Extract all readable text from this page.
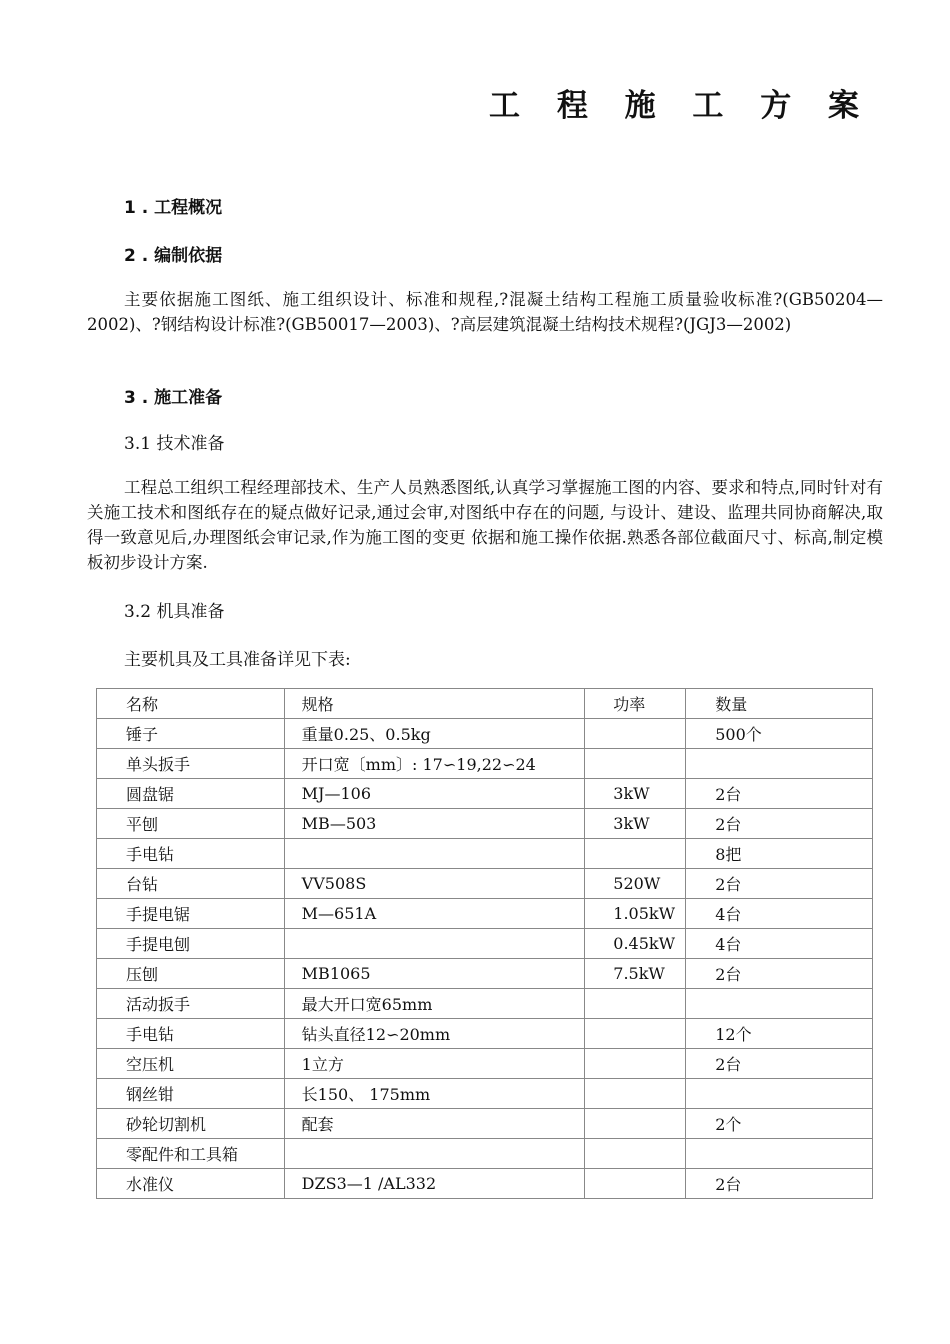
工 程 施 工 方 案
1 . 工程概况
2 . 编制依据
主要依据施工图纸、施工组织设计、标准和规程,?混凝土结构工程施工质量验收标准?(GB50204—2002)、?钢结构设计标准?(GB50017—2003)、?高层建筑混凝土结构技术规程?(JGJ3—2002)
3 . 施工准备
3.1 技术准备
工程总工组织工程经理部技术、生产人员熟悉图纸,认真学习掌握施工图的内容、要求和特点,同时针对有关施工技术和图纸存在的疑点做好记录,通过会审,对图纸中存在的问题, 与设计、建设、监理共同协商解决,取得一致意见后,办理图纸会审记录,作为施工图的变更 依据和施工操作依据.熟悉各部位截面尺寸、标高,制定模板初步设计方案.
3.2 机具准备
主要机具及工具准备详见下表:
名称	规格	功率	数量
锤子	重量0.25、0.5kg		500个
单头扳手	开口宽〔mm〕: 17∽19,22∽24		
圆盘锯	MJ—106	3kW	2台
平刨	MB—503	3kW	2台
手电钻			8把
台钻	VV508S	520W	2台
手提电锯	M—651A	1.05kW	4台
手提电刨		0.45kW	4台
压刨	MB1065	7.5kW	2台
活动扳手	最大开口宽65mm		
手电钻	钻头直径12∽20mm		12个
空压机	1立方		2台
钢丝钳	长150、 175mm		
砂轮切割机	配套		2个
零配件和工具箱			
水准仪	DZS3—1 /AL332		2台
